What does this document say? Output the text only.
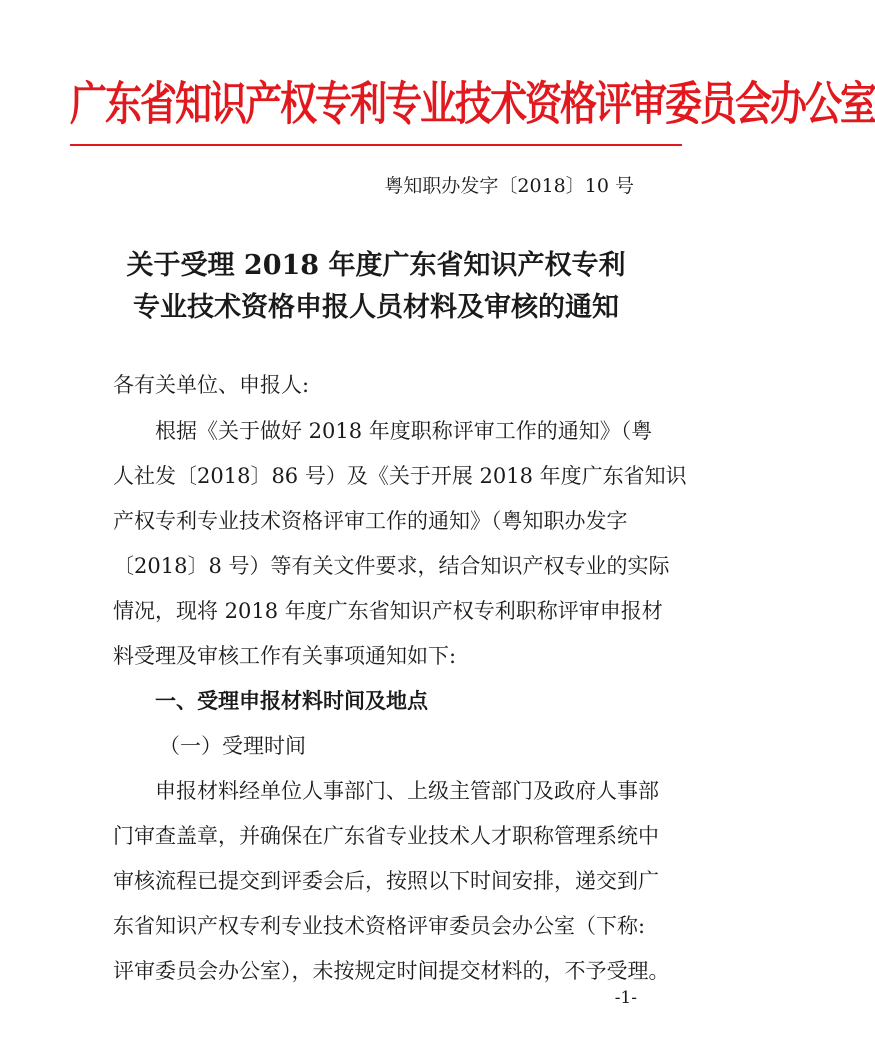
广东省知识产权专利专业技术资格评审委员会办公室
粤知职办发字〔2018〕10 号
关于受理 2018 年度广东省知识产权专利
专业技术资格申报人员材料及审核的通知
各有关单位、申报人:
　　根据《关于做好 2018 年度职称评审工作的通知》（粤
人社发〔2018〕86 号）及《关于开展 2018 年度广东省知识
产权专利专业技术资格评审工作的通知》（粤知职办发字
〔2018〕8 号）等有关文件要求，结合知识产权专业的实际
情况，现将 2018 年度广东省知识产权专利职称评审申报材
料受理及审核工作有关事项通知如下:
一、受理申报材料时间及地点
（一）受理时间
　　申报材料经单位人事部门、上级主管部门及政府人事部
门审查盖章，并确保在广东省专业技术人才职称管理系统中
审核流程已提交到评委会后，按照以下时间安排，递交到广
东省知识产权专利专业技术资格评审委员会办公室（下称:
评审委员会办公室），未按规定时间提交材料的，不予受理。
-1-
